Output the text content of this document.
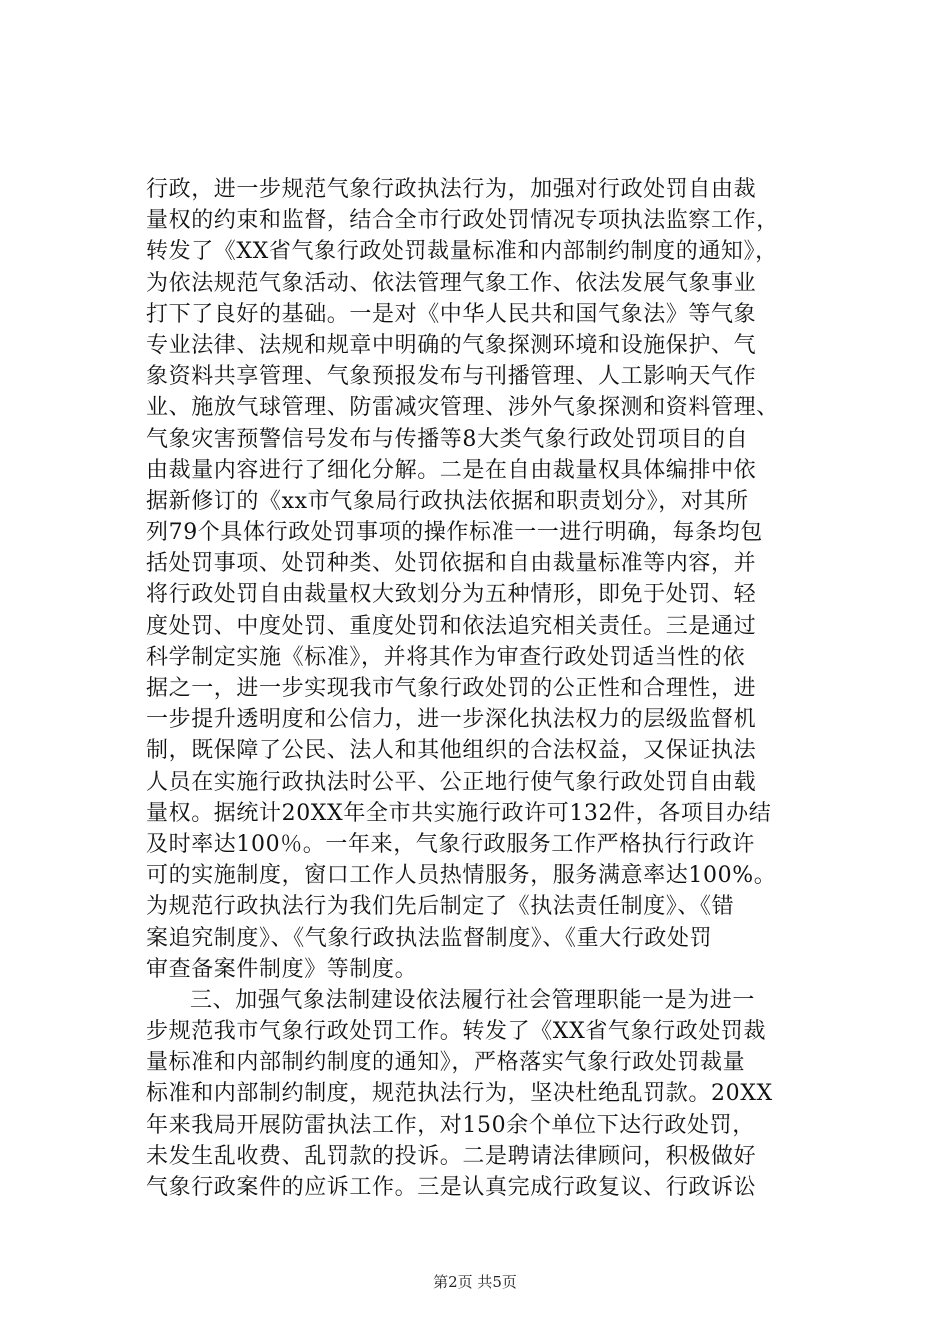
行政，进一步规范气象行政执法行为，加强对行政处罚自由裁
量权的约束和监督，结合全市行政处罚情况专项执法监察工作，
转发了《XX省气象行政处罚裁量标准和内部制约制度的通知》，
为依法规范气象活动、依法管理气象工作、依法发展气象事业
打下了良好的基础。一是对《中华人民共和国气象法》等气象
专业法律、法规和规章中明确的气象探测环境和设施保护、气
象资料共享管理、气象预报发布与刊播管理、人工影响天气作
业、施放气球管理、防雷减灾管理、涉外气象探测和资料管理、
气象灾害预警信号发布与传播等8大类气象行政处罚项目的自
由裁量内容进行了细化分解。二是在自由裁量权具体编排中依
据新修订的《xx市气象局行政执法依据和职责划分》，对其所
列79个具体行政处罚事项的操作标准一一进行明确，每条均包
括处罚事项、处罚种类、处罚依据和自由裁量标准等内容，并
将行政处罚自由裁量权大致划分为五种情形，即免于处罚、轻
度处罚、中度处罚、重度处罚和依法追究相关责任。三是通过
科学制定实施《标准》，并将其作为审查行政处罚适当性的依
据之一，进一步实现我市气象行政处罚的公正性和合理性，进
一步提升透明度和公信力，进一步深化执法权力的层级监督机
制，既保障了公民、法人和其他组织的合法权益，又保证执法
人员在实施行政执法时公平、公正地行使气象行政处罚自由载
量权。据统计20XX年全市共实施行政许可132件，各项目办结
及时率达100％。一年来，气象行政服务工作严格执行行政许
可的实施制度，窗口工作人员热情服务，服务满意率达100%。
为规范行政执法行为我们先后制定了《执法责任制度》、《错
案追究制度》、《气象行政执法监督制度》、《重大行政处罚
审查备案件制度》等制度。
三、加强气象法制建设依法履行社会管理职能一是为进一
步规范我市气象行政处罚工作。转发了《XX省气象行政处罚裁
量标准和内部制约制度的通知》，严格落实气象行政处罚裁量
标准和内部制约制度，规范执法行为，坚决杜绝乱罚款。20XX
年来我局开展防雷执法工作，对150余个单位下达行政处罚，
未发生乱收费、乱罚款的投诉。二是聘请法律顾问，积极做好
气象行政案件的应诉工作。三是认真完成行政复议、行政诉讼
第2页 共5页
